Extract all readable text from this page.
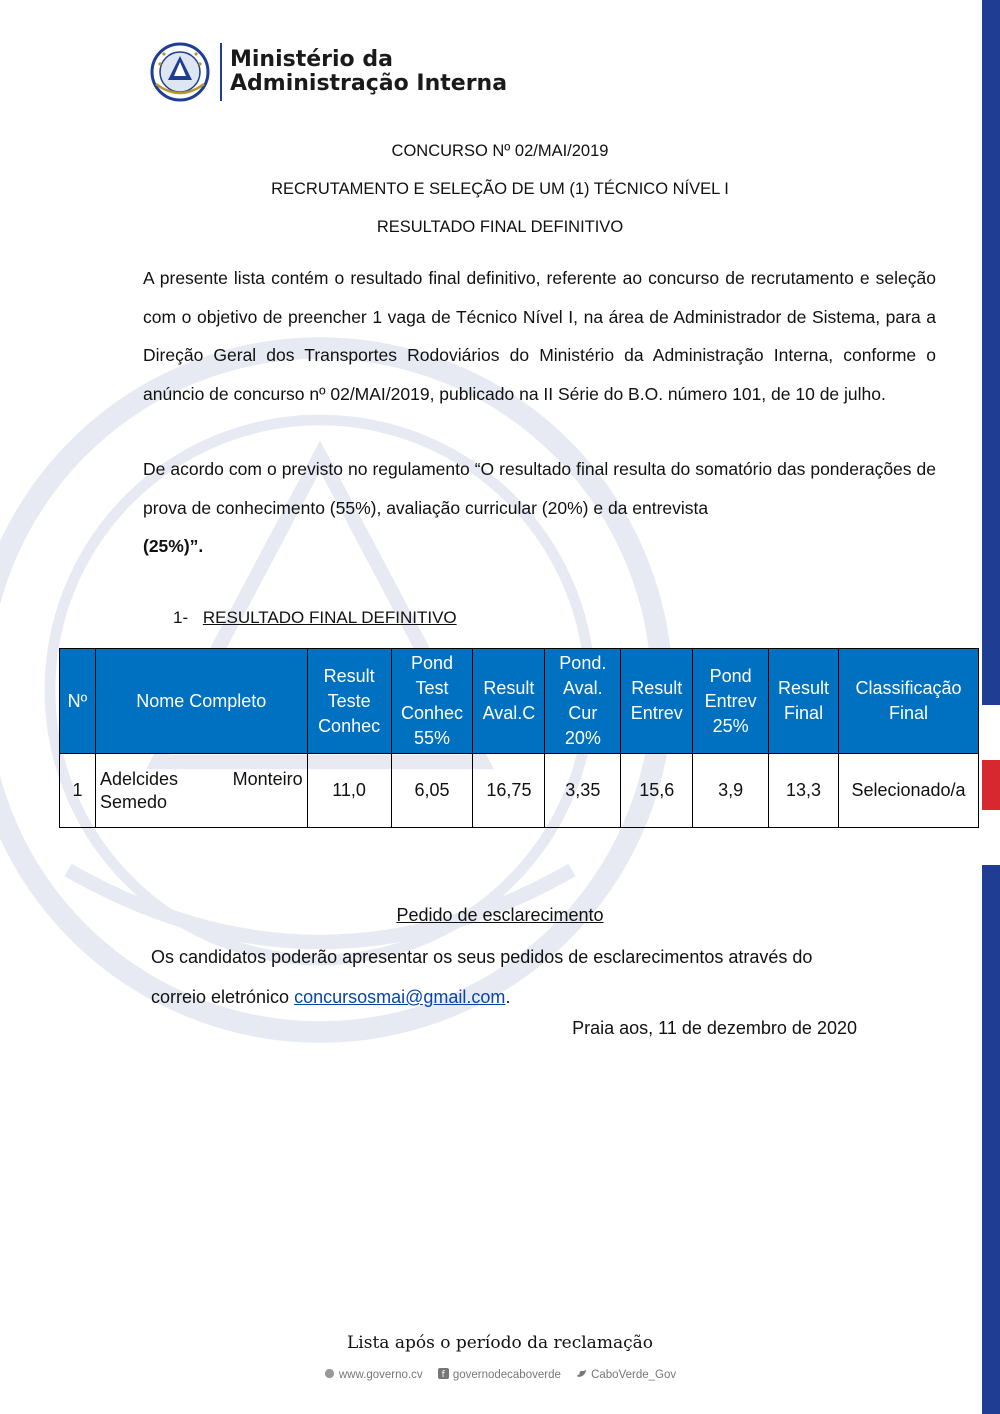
Ministério da
Administração Interna
CONCURSO Nº 02/MAI/2019
RECRUTAMENTO E SELEÇÃO DE UM (1) TÉCNICO NÍVEL I
RESULTADO FINAL DEFINITIVO
A presente lista contém o resultado final definitivo, referente ao concurso de recrutamento e seleção com o objetivo de preencher 1 vaga de Técnico Nível I, na área de Administrador de Sistema, para a Direção Geral dos Transportes Rodoviários do Ministério da Administração Interna, conforme o anúncio de concurso nº 02/MAI/2019, publicado na II Série do B.O. número 101, de 10 de julho.
De acordo com o previsto no regulamento “O resultado final resulta do somatório das ponderações de prova de conhecimento (55%), avaliação curricular (20%) e da entrevista
(25%)”.
1- RESULTADO FINAL DEFINITIVO
Nº	Nome Completo	Result Teste Conhec	Pond Test Conhec 55%	Result Aval.C	Pond. Aval. Cur 20%	Result Entrev	Pond Entrev 25%	Result Final	Classificação Final
1	Adelcides Monteiro
Semedo	11,0	6,05	16,75	3,35	15,6	3,9	13,3	Selecionado/a
Pedido de esclarecimento
Os candidatos poderão apresentar os seus pedidos de esclarecimentos através do correio eletrónico concursosmai@gmail.com.
Praia aos, 11 de dezembro de 2020
Lista após o período da reclamação
www.governo.cv f governodecaboverde	CaboVerde_Gov
